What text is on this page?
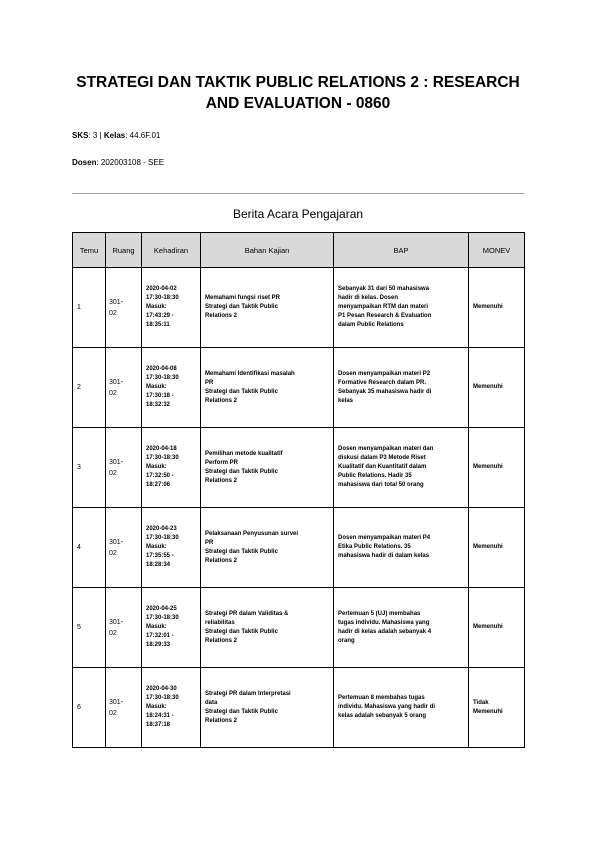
STRATEGI DAN TAKTIK PUBLIC RELATIONS 2 : RESEARCH AND EVALUATION - 0860

SKS: 3 | Kelas: 44.6F.01

Dosen: 202003108 - SEE

Berita Acara Pengajaran
Temu	Ruang	Kehadiran	Bahan Kajian	BAP	MONEV
1	301-
02	2020-04-02
17:30-18:30
Masuk:
17:43:29 -
18:35:11	Memahami fungsi riset PR
Strategi dan Taktik Public
Relations 2	Sebanyak 31 dari 50 mahasiswa
hadir di kelas. Dosen
menyampaikan RTM dan materi
P1 Pesan Research & Evaluation
dalam Public Relations	Memenuhi
2	301-
02	2020-04-08
17:30-18:30
Masuk:
17:30:18 -
18:32:32	Memahami Identifikasi masalah
PR
Strategi dan Taktik Public
Relations 2	Dosen menyampaikan materi P2
Formative Research dalam PR.
Sebanyak 35 mahasiswa hadir di
kelas	Memenuhi
3	301-
02	2020-04-18
17:30-18:30
Masuk:
17:32:50 -
18:27:06	Pemilihan metode kualitatif
Perform PR
Strategi dan Taktik Public
Relations 2	Dosen menyampaikan materi dan
diskusi dalam P3 Metode Riset
Kualitatif dan Kuantitatif dalam
Public Relations. Hadir 35
mahasiswa dari total 50 orang	Memenuhi
4	301-
02	2020-04-23
17:30-18:30
Masuk:
17:35:55 -
18:28:34	Pelaksanaan Penyusunan survei
PR
Strategi dan Taktik Public
Relations 2	Dosen menyampaikan materi P4
Etika Public Relations. 35
mahasiswa hadir di dalam kelas	Memenuhi
5	301-
02	2020-04-25
17:30-18:30
Masuk:
17:32:01 -
18:29:33	Strategi PR dalam Validitas &
reliabilitas
Strategi dan Taktik Public
Relations 2	Pertemuan 5 (UJ) membahas
tugas individu. Mahasiswa yang
hadir di kelas adalah sebanyak 4
orang	Memenuhi
6	301-
02	2020-04-30
17:30-18:30
Masuk:
18:24:31 -
18:37:18	Strategi PR dalam Interpretasi
data
Strategi dan Taktik Public
Relations 2	Pertemuan 8 membahas tugas
individu. Mahasiswa yang hadir di
kelas adalah sebanyak 5 orang	Tidak
Memenuhi
